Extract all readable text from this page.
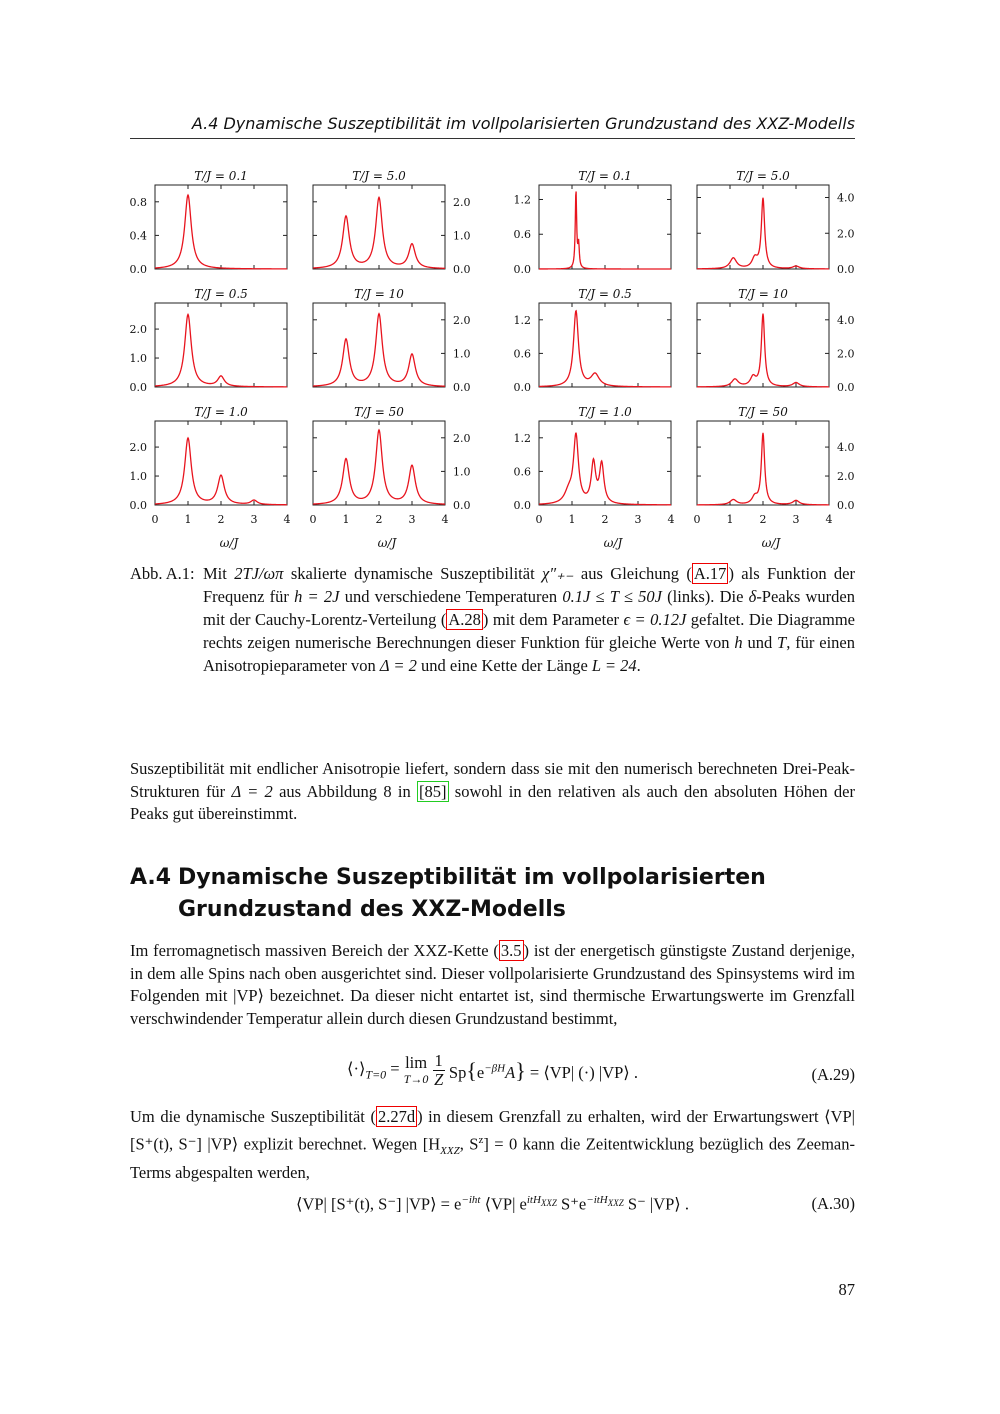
A.4 Dynamische Suszeptibilität im vollpolarisierten Grundzustand des XXZ-Modells
T/J = 0.1
0.0
0.4
0.8
T/J = 5.0
0.0
1.0
2.0
T/J = 0.5
0.0
1.0
2.0
T/J = 10
0.0
1.0
2.0
T/J = 1.0
0.0
1.0
2.0
0 1 2 3 4
ω/J
T/J = 50
0.0
1.0
2.0
0 1 2 3 4
ω/J
T/J = 0.1
0.0
0.6
1.2
T/J = 5.0
0.0
2.0
4.0
T/J = 0.5
0.0
0.6
1.2
T/J = 10
0.0
2.0
4.0
T/J = 1.0
0.0
0.6
1.2
0 1 2 3 4
ω/J
T/J = 50
0.0
2.0
4.0
0 1 2 3 4
ω/J
Abb. A.1: Mit 2TJ/ωπ skalierte dynamische Suszeptibilität χ″₊₋ aus Gleichung ( A.17 ) als Funktion der Frequenz für h = 2J und verschiedene Temperaturen 0.1J ≤ T ≤ 50J (links). Die δ-Peaks wurden mit der Cauchy-Lorentz-Verteilung ( A.28 ) mit dem Parameter ϵ = 0.12J gefaltet. Die Diagramme rechts zeigen numerische Berechnungen dieser Funktion für gleiche Werte von h und T, für einen Anisotropieparameter von Δ = 2 und eine Kette der Länge L = 24.
Suszeptibilität mit endlicher Anisotropie liefert, sondern dass sie mit den numerisch berechneten Drei-Peak-Strukturen für Δ = 2 aus Abbildung 8 in [85] sowohl in den relativen als auch den absoluten Höhen der Peaks gut übereinstimmt.
A.4 Dynamische Suszeptibilität im vollpolarisierten
Grundzustand des XXZ-Modells
Im ferromagnetisch massiven Bereich der XXZ-Kette ( 3.5 ) ist der energetisch günstigste Zustand derjenige, in dem alle Spins nach oben ausgerichtet sind. Dieser vollpolarisierte Grundzustand des Spinsystems wird im Folgenden mit |VP⟩ bezeichnet. Da dieser nicht entartet ist, sind thermische Erwartungswerte im Grenzfall verschwindender Temperatur allein durch diesen Grundzustand bestimmt,
$⟨\cdot⟩_{T=0} = \lim$
T→0
$\frac{1}{Z} Sp\{e^{-\beta H}A\}$ = ⟨VP| (·) |VP⟩ .	(A.29)
Um die dynamische Suszeptibilität ( 2.27d ) in diesem Grenzfall zu erhalten, wird der Erwartungswert ⟨VP| [S⁺(t), S⁻] |VP⟩ explizit berechnet. Wegen [$H_{XXZ}$, $S^z] = 0$ kann die Zeitentwicklung bezüglich des Zeeman-Terms abgespalten werden,
⟨VP| [S⁺(t), S⁻] |VP⟩ = $e^{-iht}$ ⟨VP| $e^{itH_{XXZ}}$ $S^+e^{-itH_{XXZ}}$ S⁻ |VP⟩ .	(A.30)
87
